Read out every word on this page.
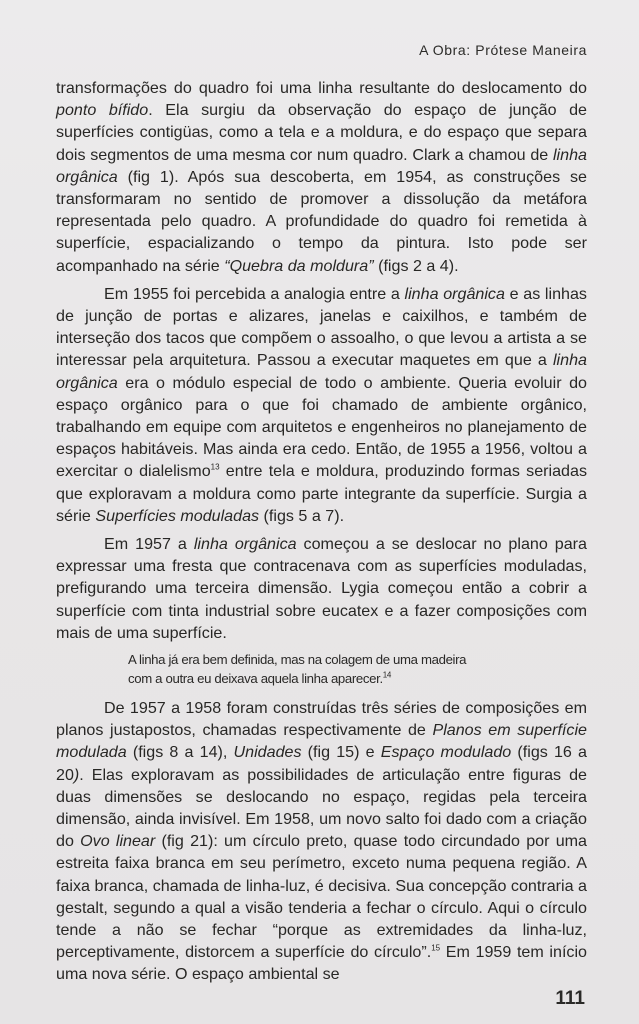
A Obra: Prótese Maneira

transformações do quadro foi uma linha resultante do deslocamento do ponto bífido. Ela surgiu da observação do espaço de junção de superfícies contigüas, como a tela e a moldura, e do espaço que separa dois segmentos de uma mesma cor num quadro. Clark a chamou de linha orgânica (fig 1). Após sua descoberta, em 1954, as construções se transformaram no sentido de promover a dissolução da metáfora representada pelo quadro. A profundidade do quadro foi remetida à superfície, espacializando o tempo da pintura. Isto pode ser acompanhado na série “Quebra da moldura” (figs 2 a 4).

Em 1955 foi percebida a analogia entre a linha orgânica e as linhas de junção de portas e alizares, janelas e caixilhos, e também de interseção dos tacos que compõem o assoalho, o que levou a artista a se interessar pela arquitetura. Passou a executar maquetes em que a linha orgânica era o módulo especial de todo o ambiente. Queria evoluir do espaço orgânico para o que foi chamado de ambiente orgânico, trabalhando em equipe com arquitetos e engenheiros no planejamento de espaços habitáveis. Mas ainda era cedo. Então, de 1955 a 1956, voltou a exercitar o dialelismo$^{13}$ entre tela e moldura, produzindo formas seriadas que exploravam a moldura como parte integrante da superfície. Surgia a série Superfícies moduladas (figs 5 a 7).

Em 1957 a linha orgânica começou a se deslocar no plano para expressar uma fresta que contracenava com as superfícies moduladas, prefigurando uma terceira dimensão. Lygia começou então a cobrir a superfície com tinta industrial sobre eucatex e a fazer composições com mais de uma superfície.

A linha já era bem definida, mas na colagem de uma madeira
com a outra eu deixava aquela linha aparecer.$^{14}$

De 1957 a 1958 foram construídas três séries de composições em planos justapostos, chamadas respectivamente de Planos em superfície modulada (figs 8 a 14), Unidades (fig 15) e Espaço modulado (figs 16 a 20). Elas exploravam as possibilidades de articulação entre figuras de duas dimensões se deslocando no espaço, regidas pela terceira dimensão, ainda invisível. Em 1958, um novo salto foi dado com a criação do Ovo linear (fig 21): um círculo preto, quase todo circundado por uma estreita faixa branca em seu perímetro, exceto numa pequena região. A faixa branca, chamada de linha-luz, é decisiva. Sua concepção contraria a gestalt, segundo a qual a visão tenderia a fechar o círculo. Aqui o círculo tende a não se fechar “porque as extremidades da linha-luz, perceptivamente, distorcem a superfície do círculo”.$^{15}$ Em 1959 tem início uma nova série. O espaço ambiental se

111
